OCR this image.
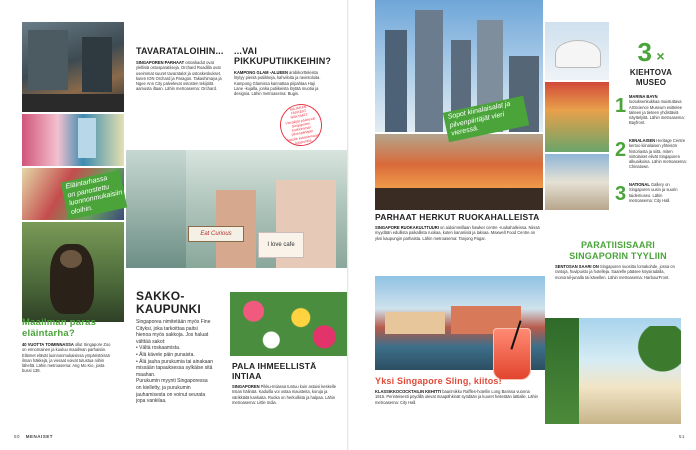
Eat Curious
I love cafe
Eläintarhassa on panostettu luonnonmukaisiin oloihin.
MAJAKAN HUIKEAT NÄKYMÄT. Vierailijat pääsevät Singaporen korkeimman pilvenpiirtäjän katolle katselemaan kaupunkia.
TAVARATALOIHIN...
SINGAPOREN PARHAAT ostoskadut ovat ylellisiä ostosparatiiseja. Orchard Roadilla ovat useimmat suuret tavaratalot ja ostoskeskukset, kuten ION Orchard ja Paragon. Takashimaya ja Ngee Ann City palvelevat ostosten tekijöitä aamusta iltaan. Lähin metroasema: Orchard.
...VAI PIKKUPUTIIKKEIHIN?
KAMPONG GLAM -ALUEEN arabikortteleista löytyy pieniä putiikkeja, kahviloita ja ravintoloita. Kampong Glamissa kannattaa piipahtaa Haji Lane -kujalla, jonka putiikeista löytää muotia ja designia. Lähin metroasema: Bugis.
Maailman paras eläintarha?
40 VUOTTA TOIMINNASSA ollut Singapore Zoo on erinomainen ja kuuluu maailman parhaisiin. Eläimet elävät luonnonmukaisissa ympäristöissä ilman häkkejä, ja vieraat voivat tutustua niihin läheltä. Lähin metroasema: Ang Mo Kio, josta bussi 138.
SAKKO-KAUPUNKI
Singaporea nimitetään myös Fine Cityksi, joka tarkoittaa paitsi hienoa myös sakkoja. Jos haluat välttää sakot:
• Vältä roskaamista.
• Älä kävele päin punaista.
• Älä jauha purukumia tai ainakaan missään tapauksessa sylkäise sitä maahan.
Purukumin myynti Singaporessa on kielletty, ja purukumin jauhamisesta on voinut seurata jopa vankilaa.
PALA IHMEELLISTÄ INTIAA
SINGAPOREN Pikku-Intiassa tuntuu kuin astuisi keskelle Intian hälinää. Kaduilla voi ostaa mausteita, koruja ja värikkäitä kankaita. Ruoka on herkullista ja halpaa. Lähin metroasema: Little India.
50 MENAISET
Sopot kiinalaisalat ja pilvenpiirtäjät vieri vieressä.
3 ×
KIEHTOVA MUSEO
1 MARINA BAYN lootuksenkukkaa muistuttava ArtScience Museum esittelee taiteen ja tieteen yhdistäviä näyttelyitä. Lähin metroasema: Bayfront.
2 KIINALAISEN Heritage Centre kertoo kiinalaisen yhteisön historiasta ja siitä, miten siirtolaiset elivät Singaporen alkuaikoina. Lähin metroasema: Chinatown.
3 NATIONAL Gallery on Singaporen uusin ja suurin taidemuseo. Lähin metroasema: City Hall.
PARHAAT HERKUT RUOKAHALLEISTA
SINGAPORE RUOKAKULTTUURI on aidoimmillaan hawker centre -ruokahalleissa. Niissä myydään edullista paikallista ruokaa, kuten kanariisiä ja laksaa. Maxwell Food Centre on yksi kaupungin parhaista. Lähin metroasema: Tanjong Pagar.
PARATIISISAARI SINGAPORIN TYYLIIN
SENTOSAN SAARI ON Singaporen suosittu lomakohde, jossa on rantoja, huvipuisto ja hotelleja. Saarelle pääsee köysiradalla, monorail-junalla tai kävellen. Lähin metroasema: HarbourFront.
Yksi Singapore Sling, kiitos!
KLASSIKKOCOCKTAILIN KEHITTI baarimikko Raffles-hotellin Long Barissa vuonna 1915. Perinteisesti pöydillä olevat maapähkinät syödään ja kuoret heitetään lattialle. Lähin metroasema: City Hall.
51
